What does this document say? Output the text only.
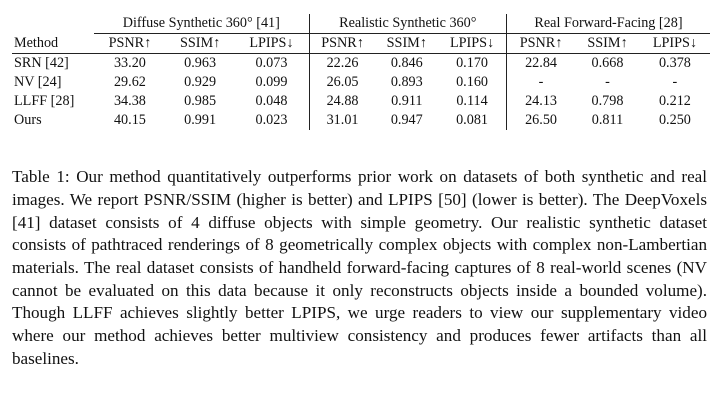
	Diffuse Synthetic 360° [41]			Realistic Synthetic 360°			Real Forward-Facing [28]		
Method	PSNR↑	SSIM↑	LPIPS↓	PSNR↑	SSIM↑	LPIPS↓	PSNR↑	SSIM↑	LPIPS↓
SRN [42]	33.20	0.963	0.073	22.26	0.846	0.170	22.84	0.668	0.378
NV [24]	29.62	0.929	0.099	26.05	0.893	0.160	-	-	-
LLFF [28]	34.38	0.985	0.048	24.88	0.911	0.114	24.13	0.798	0.212
Ours	40.15	0.991	0.023	31.01	0.947	0.081	26.50	0.811	0.250

Table 1: Our method quantitatively outperforms prior work on datasets of both synthetic and real images. We report PSNR/SSIM (higher is better) and LPIPS [50] (lower is better). The DeepVoxels [41] dataset consists of 4 diffuse objects with simple geometry. Our realistic synthetic dataset consists of pathtraced renderings of 8 geometrically complex objects with complex non-Lambertian materials. The real dataset consists of handheld forward-facing captures of 8 real-world scenes (NV cannot be evaluated on this data because it only reconstructs objects inside a bounded volume). Though LLFF achieves slightly better LPIPS, we urge readers to view our supplementary video where our method achieves better multiview consistency and produces fewer artifacts than all baselines.
